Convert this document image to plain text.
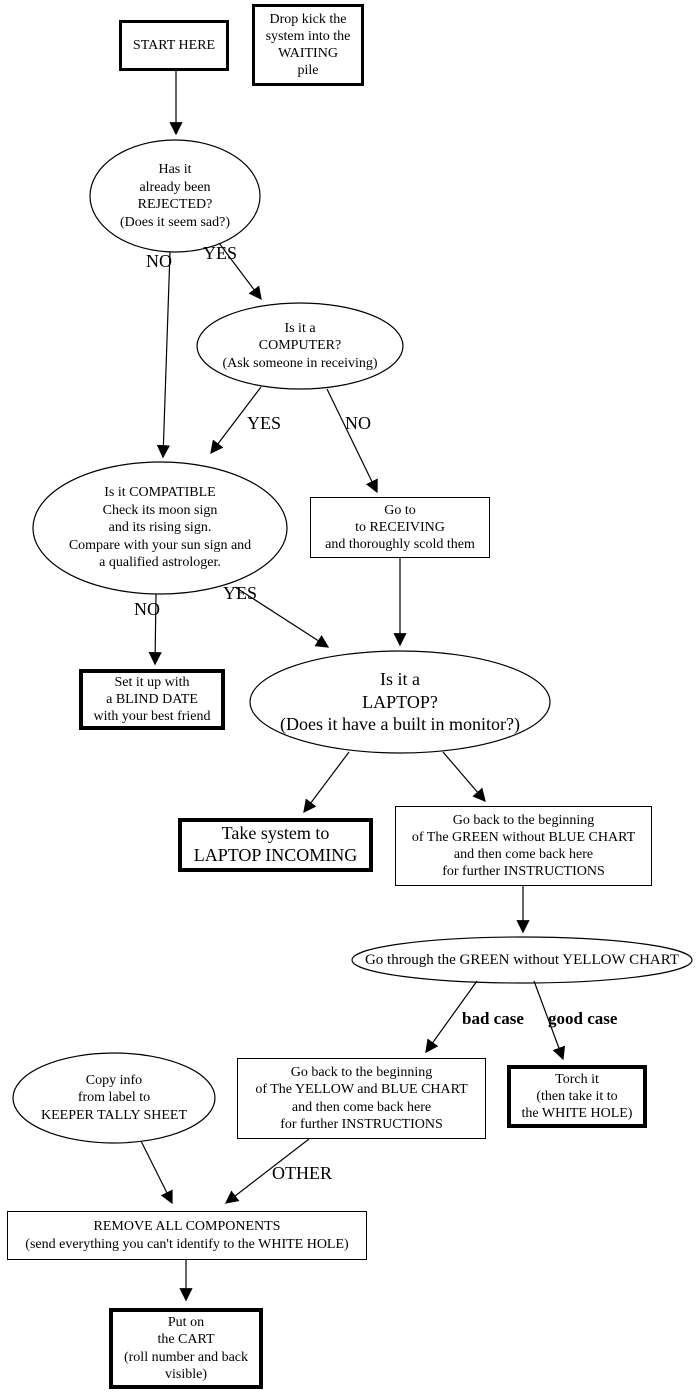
START HERE
Drop kick the
system into the
WAITING
pile
Go to
to RECEIVING
and thoroughly scold them
Set it up with
a BLIND DATE
with your best friend
Take system to
LAPTOP INCOMING
Go back to the beginning
of The GREEN without BLUE CHART
and then come back here
for further INSTRUCTIONS
Go back to the beginning
of The YELLOW and BLUE CHART
and then come back here
for further INSTRUCTIONS
Torch it
(then take it to
the WHITE HOLE)
REMOVE ALL COMPONENTS
(send everything you can't identify to the WHITE HOLE)
Put on
the CART
(roll number and back
visible)
Has it
already been
REJECTED?
(Does it seem sad?)
Is it a
COMPUTER?
(Ask someone in receiving)
Is it COMPATIBLE
Check its moon sign
and its rising sign.
Compare with your sun sign and
a qualified astrologer.
Is it a
LAPTOP?
(Does it have a built in monitor?)
Go through the GREEN without YELLOW CHART
Copy info
from label to
KEEPER TALLY SHEET
NO YES
YES	NO
NO
YES
bad case good case
OTHER
